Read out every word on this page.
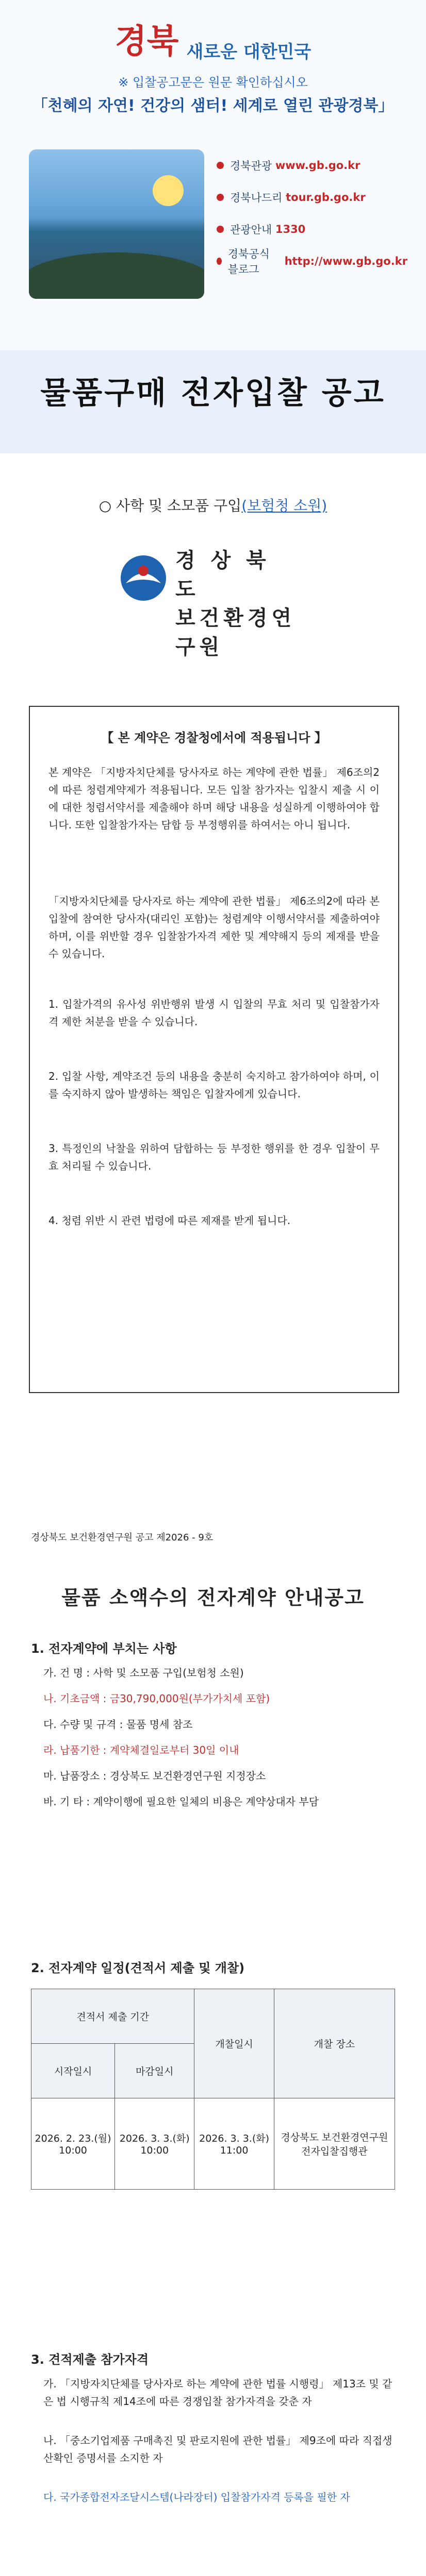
경북 새로운 대한민국
「천혜의 자연! 건강의 샘터! 세계로 열린 관광경북」
경북관광
www.gb.go.kr
경북나드리
tour.gb.go.kr
관광안내
1330
경북공식 블로그

http://www.gb.go.kr
물품구매 전자입찰 공고
○ 사학 및 소모품 구입(보험청 소원)
경 상 북 도
보건환경연구원
※ 입찰공고문은 원문 확인하십시오
【 본 계약은 경찰청에서에 적용됩니다 】
본 계약은 「지방자치단체를 당사자로 하는 계약에 관한 법률」 제6조의2에 따른 청렴계약제가 적용됩니다. 모든 입찰 참가자는 입찰시 제출 시 이에 대한 청렴서약서를 제출해야 하며 해당 내용을 성실하게 이행하여야 합니다. 또한 입찰참가자는 담합 등 부정행위를 하여서는 아니 됩니다.
「지방자치단체를 당사자로 하는 계약에 관한 법률」 제6조의2에 따라 본 입찰에 참여한 당사자(대리인 포함)는 청렴계약 이행서약서를 제출하여야 하며, 이를 위반할 경우 입찰참가자격 제한 및 계약해지 등의 제재를 받을 수 있습니다.
1. 입찰가격의 유사성 위반행위 발생 시 입찰의 무효 처리 및 입찰참가자격 제한 처분을 받을 수 있습니다.
2. 입찰 사항, 계약조건 등의 내용을 충분히 숙지하고 참가하여야 하며, 이를 숙지하지 않아 발생하는 책임은 입찰자에게 있습니다.
3. 특정인의 낙찰을 위하여 담합하는 등 부정한 행위를 한 경우 입찰이 무효 처리될 수 있습니다.
4. 청렴 위반 시 관련 법령에 따른 제재를 받게 됩니다.
경상북도 보건환경연구원 공고 제2026 - 9호
물품 소액수의 전자계약 안내공고
1. 전자계약에 부치는 사항
가. 건 명 : 사학 및 소모품 구입(보험청 소원)
나. 기초금액 : 금30,790,000원(부가가치세 포함)
다. 수량 및 규격 : 물품 명세 참조
라. 납품기한 : 계약체결일로부터 30일 이내
마. 납품장소 : 경상북도 보건환경연구원 지정장소
바. 기 타 : 계약이행에 필요한 일체의 비용은 계약상대자 부담
2. 전자계약 일정(견적서 제출 및 개찰)
견적서 제출 기간		개찰일시	개찰 장소
시작일시	마감일시		
2026. 2. 23.(월) 10:00	2026. 3. 3.(화) 10:00	2026. 3. 3.(화) 11:00	경상북도 보건환경연구원 전자입찰집행관
3. 견적제출 참가자격
가. 「지방자치단체를 당사자로 하는 계약에 관한 법률 시행령」 제13조 및 같은 법 시행규칙 제14조에 따른 경쟁입찰 참가자격을 갖춘 자
나. 「중소기업제품 구매촉진 및 판로지원에 관한 법률」 제9조에 따라 직접생산확인 증명서를 소지한 자
다. 국가종합전자조달시스템(나라장터) 입찰참가자격 등록을 필한 자
